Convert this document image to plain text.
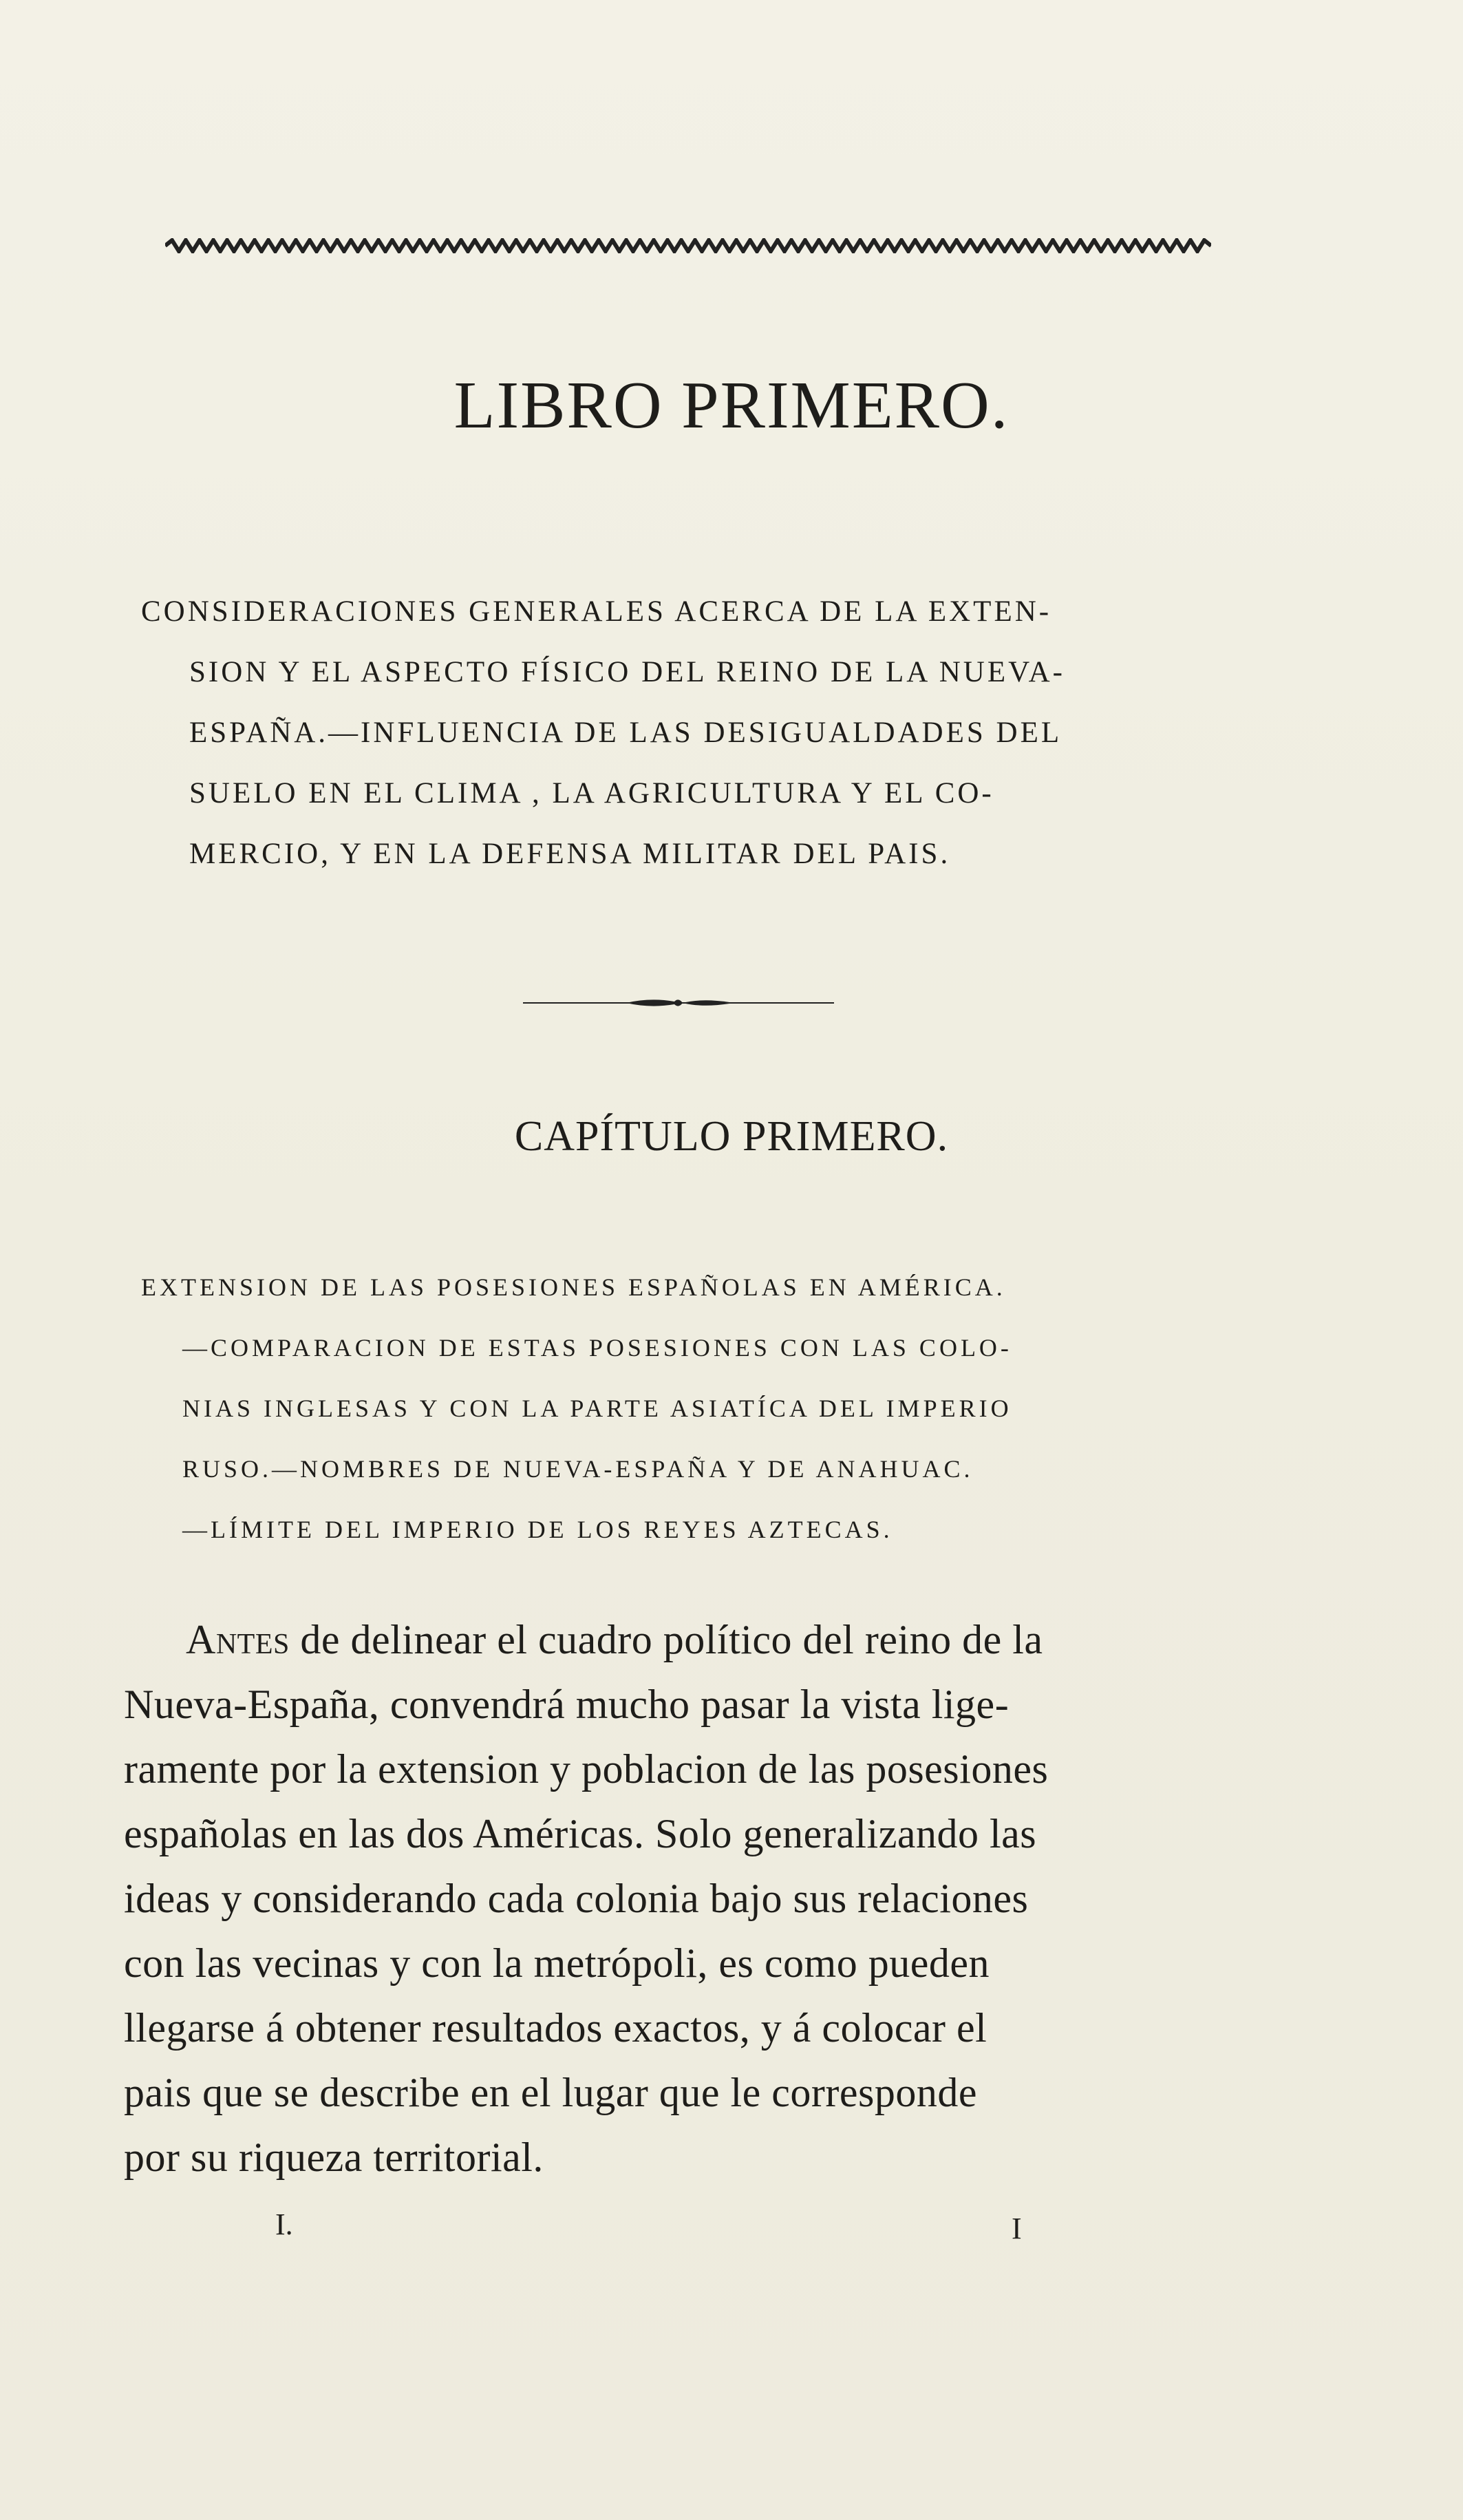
LIBRO PRIMERO.
CONSIDERACIONES GENERALES ACERCA DE LA EXTEN-
SION Y EL ASPECTO FÍSICO DEL REINO DE LA NUEVA-
ESPAÑA.—INFLUENCIA DE LAS DESIGUALDADES DEL
SUELO EN EL CLIMA , LA AGRICULTURA Y EL CO-
MERCIO, Y EN LA DEFENSA MILITAR DEL PAIS.
CAPÍTULO PRIMERO.
EXTENSION DE LAS POSESIONES ESPAÑOLAS EN AMÉRICA.
—COMPARACION DE ESTAS POSESIONES CON LAS COLO-
NIAS INGLESAS Y CON LA PARTE ASIATÍCA DEL IMPERIO
RUSO.—NOMBRES DE NUEVA-ESPAÑA Y DE ANAHUAC.
—LÍMITE DEL IMPERIO DE LOS REYES AZTECAS.
Antes de delinear el cuadro político del reino de la
Nueva-España, convendrá mucho pasar la vista lige-
ramente por la extension y poblacion de las posesiones
españolas en las dos Américas. Solo generalizando las
ideas y considerando cada colonia bajo sus relaciones
con las vecinas y con la metrópoli, es como pueden
llegarse á obtener resultados exactos, y á colocar el
pais que se describe en el lugar que le corresponde
por su riqueza territorial.
I.	I
